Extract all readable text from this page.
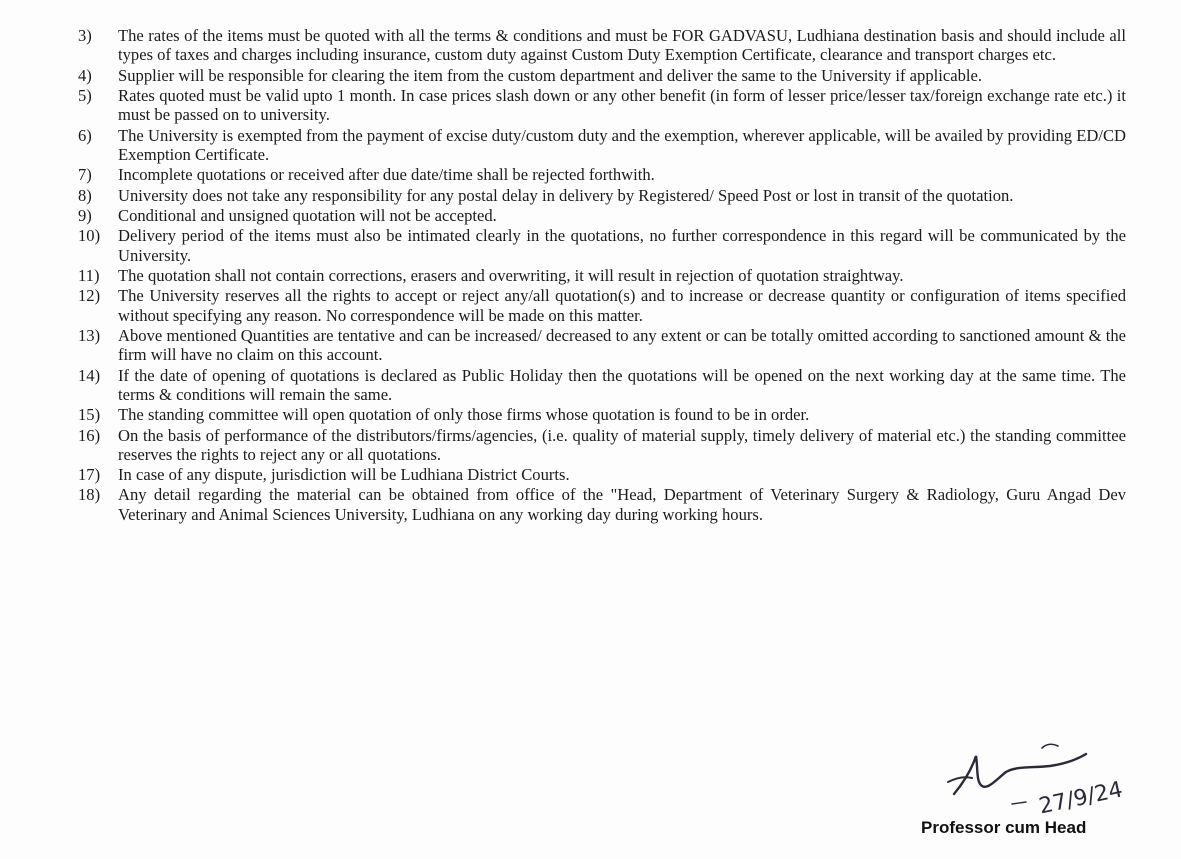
3)	The rates of the items must be quoted with all the terms & conditions and must be FOR GADVASU, Ludhiana destination basis and should include all types of taxes and charges including insurance, custom duty against Custom Duty Exemption Certificate, clearance and transport charges etc.
4)	Supplier will be responsible for clearing the item from the custom department and deliver the same to the University if applicable.
5)	Rates quoted must be valid upto 1 month. In case prices slash down or any other benefit (in form of lesser price/lesser tax/foreign exchange rate etc.) it must be passed on to university.
6)	The University is exempted from the payment of excise duty/custom duty and the exemption, wherever applicable, will be availed by providing ED/CD Exemption Certificate.
7)	Incomplete quotations or received after due date/time shall be rejected forthwith.
8)	University does not take any responsibility for any postal delay in delivery by Registered/ Speed Post or lost in transit of the quotation.
9)	Conditional and unsigned quotation will not be accepted.
10)	Delivery period of the items must also be intimated clearly in the quotations, no further correspondence in this regard will be communicated by the University.
11)	The quotation shall not contain corrections, erasers and overwriting, it will result in rejection of quotation straightway.
12)	The University reserves all the rights to accept or reject any/all quotation(s) and to increase or decrease quantity or configuration of items specified without specifying any reason. No correspondence will be made on this matter.
13)	Above mentioned Quantities are tentative and can be increased/ decreased to any extent or can be totally omitted according to sanctioned amount & the firm will have no claim on this account.
14)	If the date of opening of quotations is declared as Public Holiday then the quotations will be opened on the next working day at the same time. The terms & conditions will remain the same.
15)	The standing committee will open quotation of only those firms whose quotation is found to be in order.
16)	On the basis of performance of the distributors/firms/agencies, (i.e. quality of material supply, timely delivery of material etc.) the standing committee reserves the rights to reject any or all quotations.
17)	In case of any dispute, jurisdiction will be Ludhiana District Courts.
18)	Any detail regarding the material can be obtained from office of the "Head, Department of Veterinary Surgery & Radiology, Guru Angad Dev Veterinary and Animal Sciences University, Ludhiana on any working day during working hours.
27/9/24
Professor cum Head
